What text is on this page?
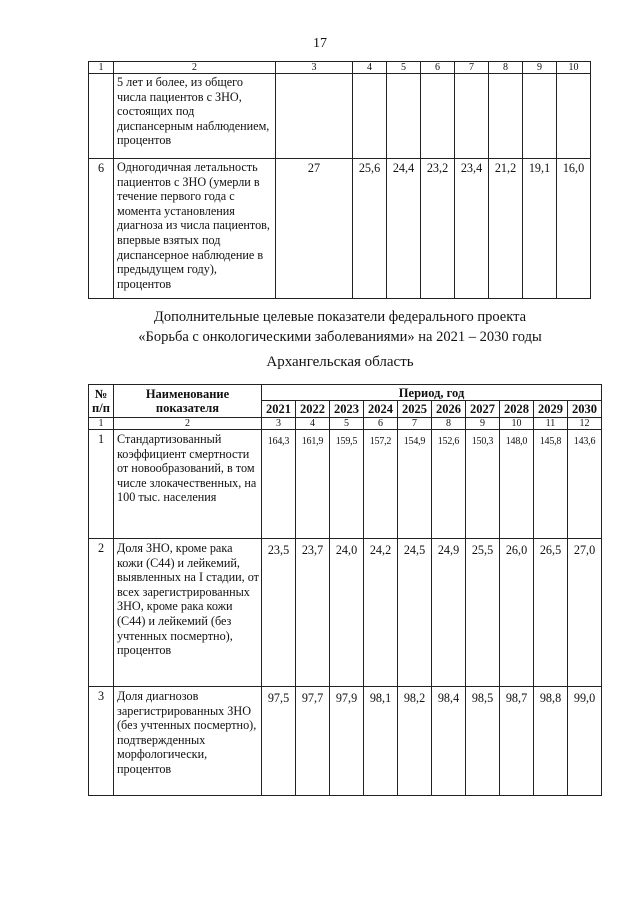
17
1	2	3	4	5	6	7	8	9	10
	5 лет и более, из общего числа пациентов с ЗНО, состоящих под диспансерным наблюдением, процентов								
6	Одногодичная летальность пациентов с ЗНО (умерли в течение первого года с момента установления диагноза из числа пациентов, впервые взятых под диспансерное наблюдение в предыдущем году), процентов	27	25,6	24,4	23,2	23,4	21,2	19,1	16,0
Дополнительные целевые показатели федерального проекта
«Борьба с онкологическими заболеваниями» на 2021 – 2030 годы
Архангельская область
№ п/п	Наименование показателя	Период, год									
		2021	2022	2023	2024	2025	2026	2027	2028	2029	2030
1	2	3	4	5	6	7	8	9	10	11	12
1	Стандартизованный коэффициент смертности от новообразований, в том числе злокачественных, на 100 тыс. населения	164,3	161,9	159,5	157,2	154,9	152,6	150,3	148,0	145,8	143,6
2	Доля ЗНО, кроме рака кожи (С44) и лейкемий, выявленных на I стадии, от всех зарегистрированных ЗНО, кроме рака кожи (С44) и лейкемий (без учтенных посмертно), процентов	23,5	23,7	24,0	24,2	24,5	24,9	25,5	26,0	26,5	27,0
3	Доля диагнозов зарегистрированных ЗНО (без учтенных посмертно), подтвержденных морфологически, процентов	97,5	97,7	97,9	98,1	98,2	98,4	98,5	98,7	98,8	99,0
